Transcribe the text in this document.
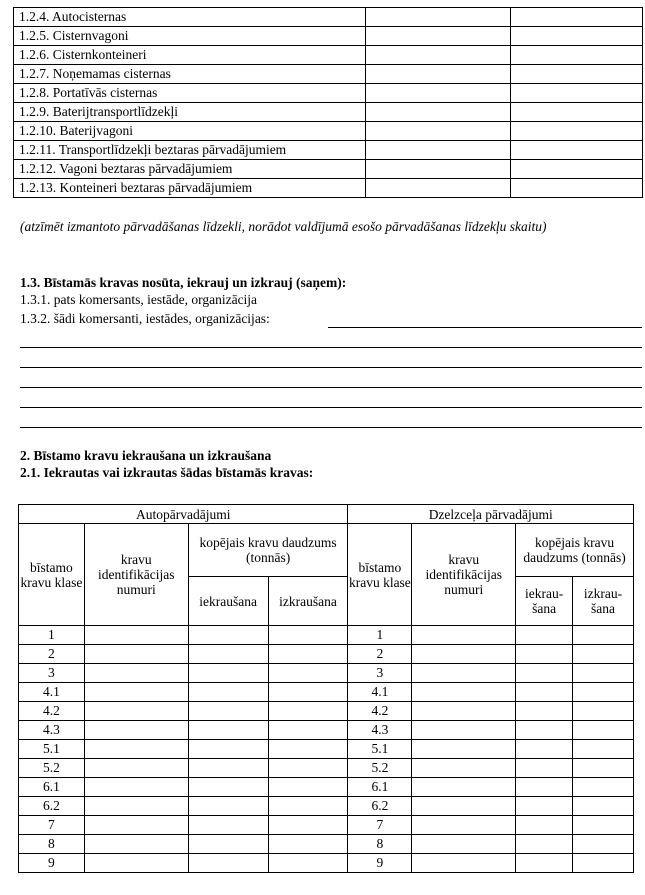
1.2.4. Autocisternas		
1.2.5. Cisternvagoni		
1.2.6. Cisternkonteineri		
1.2.7. Noņemamas cisternas		
1.2.8. Portatīvās cisternas		
1.2.9. Baterijtransportlīdzekļi		
1.2.10. Baterijvagoni		
1.2.11. Transportlīdzekļi beztaras pārvadājumiem		
1.2.12. Vagoni beztaras pārvadājumiem		
1.2.13. Konteineri beztaras pārvadājumiem		
(atzīmēt izmantoto pārvadāšanas līdzekli, norādot valdījumā esošo pārvadāšanas līdzekļu skaitu)
1.3. Bīstamās kravas nosūta, iekrauj un izkrauj (saņem):
1.3.1. pats komersants, iestāde, organizācija
1.3.2. šādi komersanti, iestādes, organizācijas:
2. Bīstamo kravu iekraušana un izkraušana
2.1. Iekrautas vai izkrautas šādas bīstamās kravas:
Autopārvadājumi				Dzelzceļa pārvadājumi			
bīstamo kravu klase	kravu identifikācijas numuri	kopējais kravu daudzums (tonnās)		bīstamo kravu klase	kravu identifikācijas numuri	kopējais kravu daudzums (tonnās)	
		iekraušana	izkraušana			iekrau-šana	izkrau-šana
1				1			
2				2			
3				3			
4.1				4.1			
4.2				4.2			
4.3				4.3			
5.1				5.1			
5.2				5.2			
6.1				6.1			
6.2				6.2			
7				7			
8				8			
9				9			
